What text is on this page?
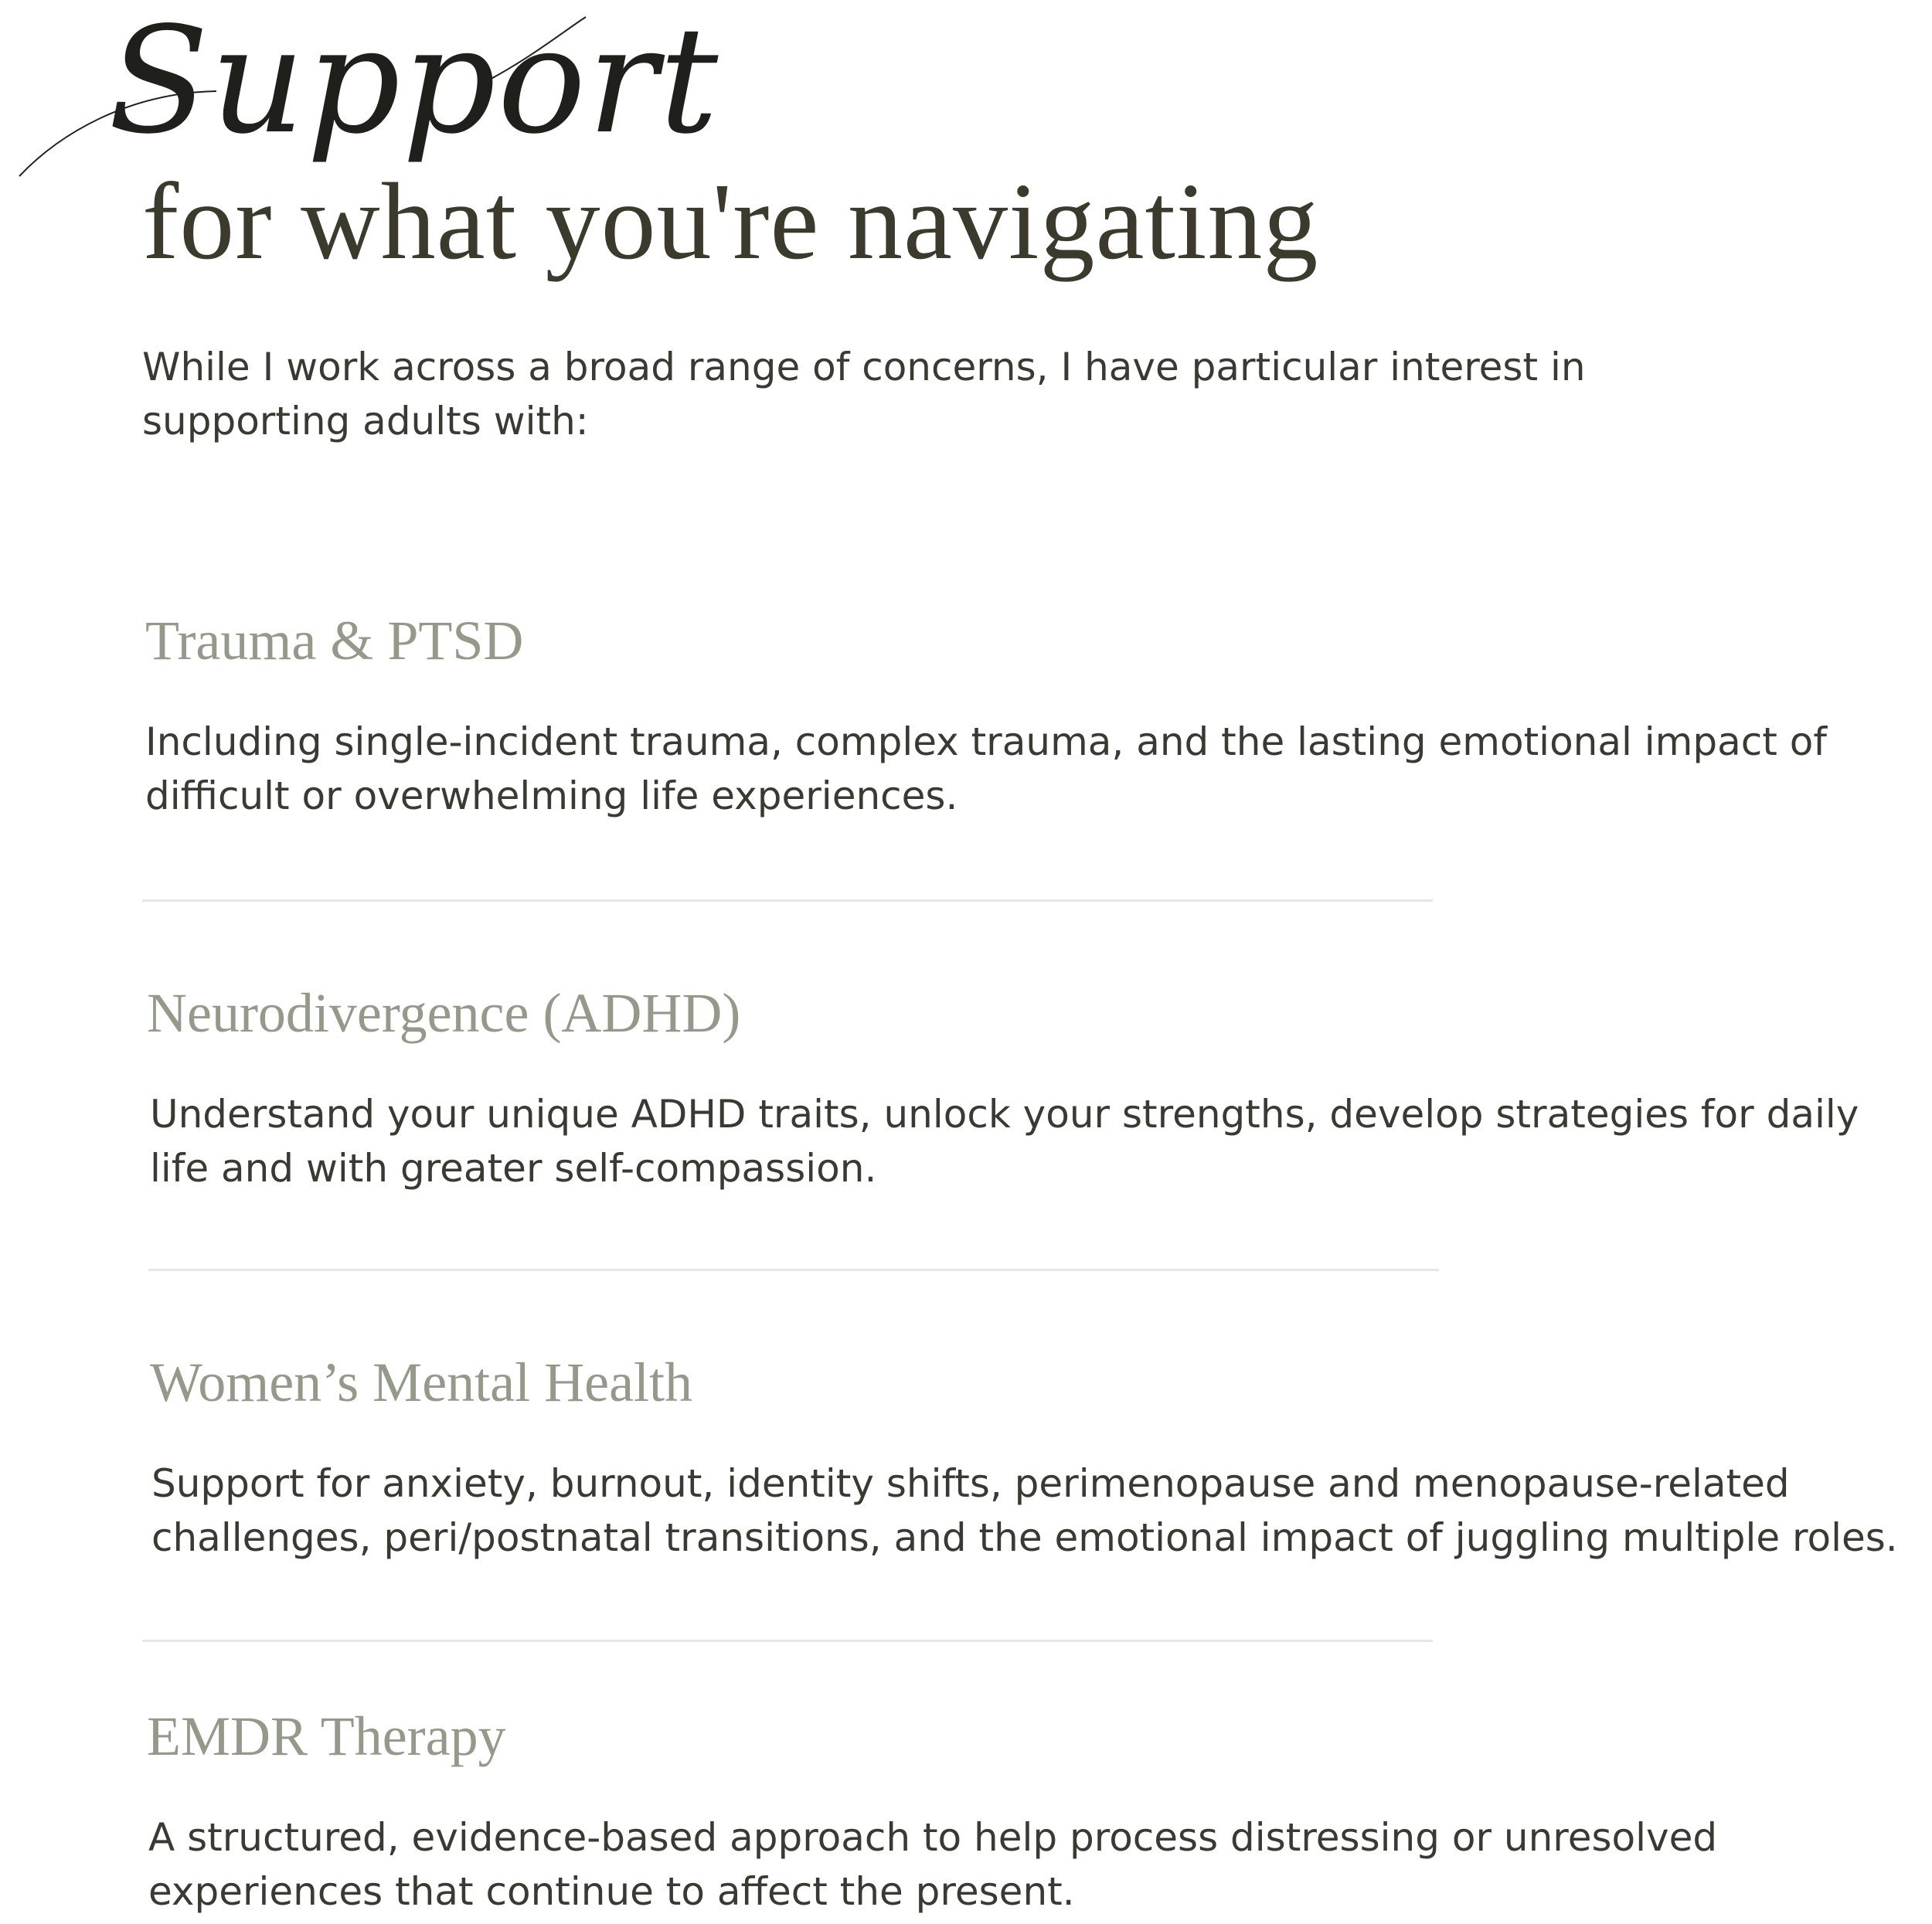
Support
for what you're navigating

While I work across a broad range of concerns, I have particular interest in supporting adults with:

Trauma & PTSD

Including single-incident trauma, complex trauma, and the lasting emotional impact of difficult or overwhelming life experiences.

Neurodivergence (ADHD)

Understand your unique ADHD traits, unlock your strengths, develop strategies for daily life and with greater self-compassion.

Women’s Mental Health

Support for anxiety, burnout, identity shifts, perimenopause and menopause-related challenges, peri/postnatal transitions, and the emotional impact of juggling multiple roles.

EMDR Therapy

A structured, evidence-based approach to help process distressing or unresolved experiences that continue to affect the present.
